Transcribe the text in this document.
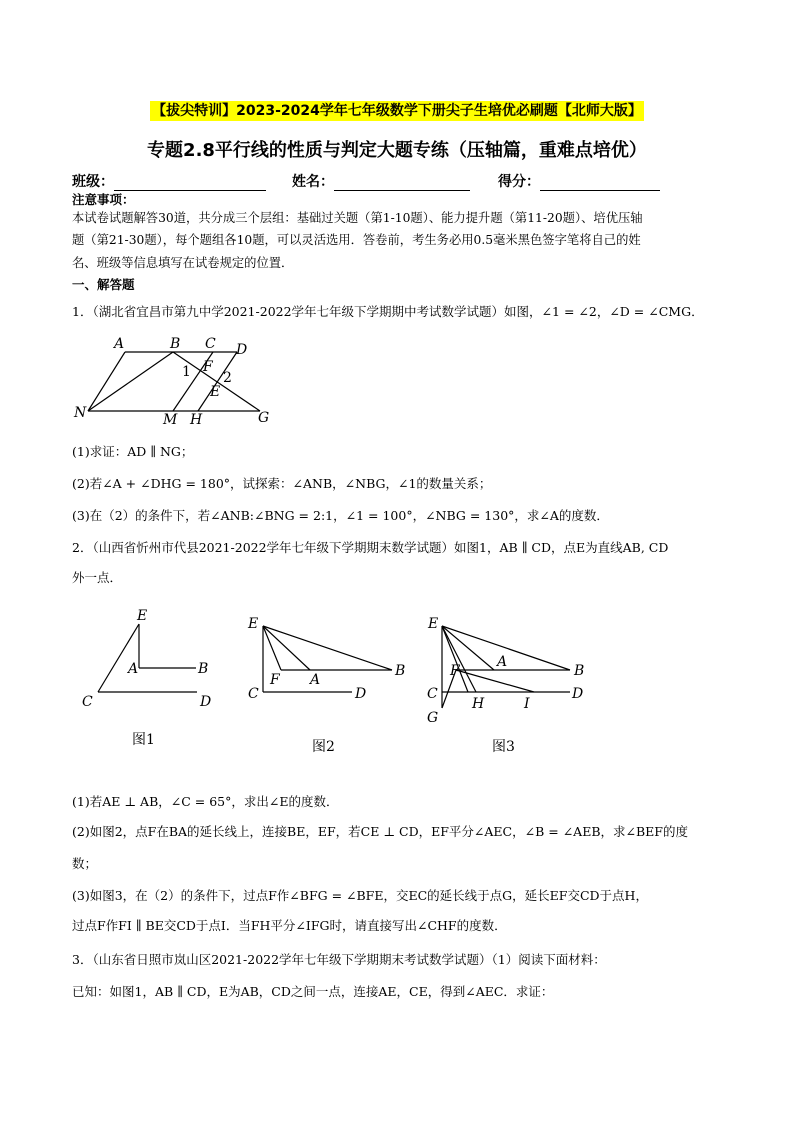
【拔尖特训】2023-2024学年七年级数学下册尖子生培优必刷题【北师大版】
专题2.8平行线的性质与判定大题专练（压轴篇，重难点培优）
班级：	姓名：	得分：
注意事项：
本试卷试题解答30道，共分成三个层组：基础过关题（第1-10题）、能力提升题（第11-20题）、培优压轴
题（第21-30题），每个题组各10题，可以灵活选用．答卷前，考生务必用0.5毫米黑色签字笔将自己的姓
名、班级等信息填写在试卷规定的位置．
一、解答题
1．（湖北省宜昌市第九中学2021-2022学年七年级下学期期中考试数学试题）如图，∠1 = ∠2，∠D = ∠CMG．
A	B C D
F
1 2
E
N	M H	G
(1)求证：AD ∥ NG；
(2)若∠A + ∠DHG = 180°，试探索：∠ANB，∠NBG，∠1的数量关系；
(3)在（2）的条件下，若∠ANB:∠BNG = 2:1，∠1 = 100°，∠NBG = 130°，求∠A的度数．
2．（山西省忻州市代县2021-2022学年七年级下学期期末数学试题）如图1，AB ∥ CD，点E为直线AB, CD
外一点．
E
A	B
C	D
图1
E
F A
B
C	D
图2
E
F
A
B
C
G
H	I
D
图3
(1)若AE ⊥ AB，∠C = 65°，求出∠E的度数．
(2)如图2，点F在BA的延长线上，连接BE，EF，若CE ⊥ CD，EF平分∠AEC，∠B = ∠AEB，求∠BEF的度
数；
(3)如图3，在（2）的条件下，过点F作∠BFG = ∠BFE，交EC的延长线于点G，延长EF交CD于点H，
过点F作FI ∥ BE交CD于点I．当FH平分∠IFG时，请直接写出∠CHF的度数．
3．（山东省日照市岚山区2021-2022学年七年级下学期期末考试数学试题）（1）阅读下面材料：
已知：如图1，AB ∥ CD，E为AB，CD之间一点，连接AE，CE，得到∠AEC．求证：
